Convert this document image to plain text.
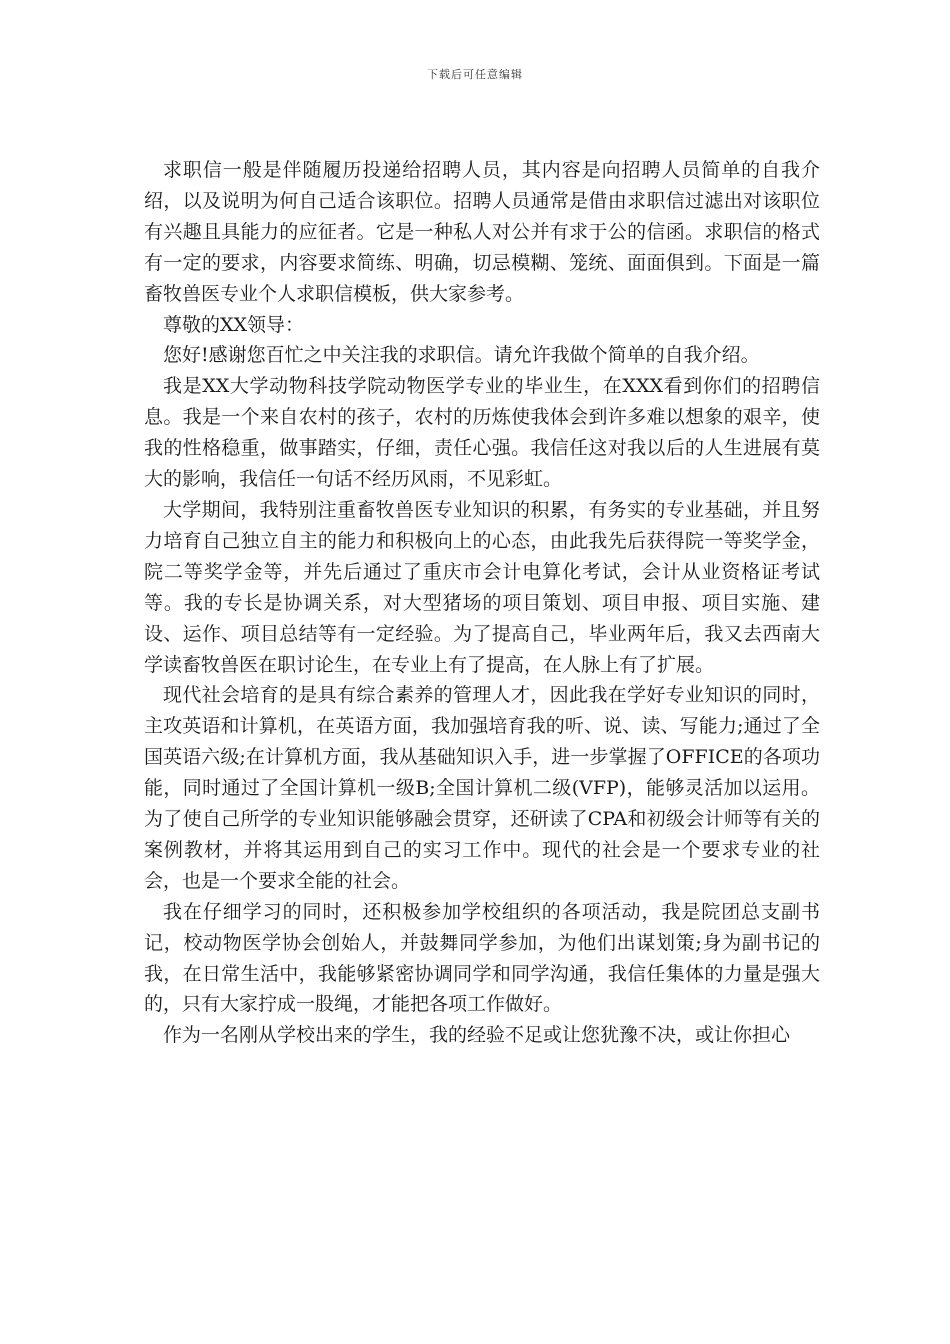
下载后可任意编辑

求职信一般是伴随履历投递给招聘人员，其内容是向招聘人员简单的自我介绍，以及说明为何自己适合该职位。招聘人员通常是借由求职信过滤出对该职位有兴趣且具能力的应征者。它是一种私人对公并有求于公的信函。求职信的格式有一定的要求，内容要求简练、明确，切忌模糊、笼统、面面俱到。下面是一篇畜牧兽医专业个人求职信模板，供大家参考。

尊敬的XX领导：

您好!感谢您百忙之中关注我的求职信。请允许我做个简单的自我介绍。

我是XX大学动物科技学院动物医学专业的毕业生，在XXX看到你们的招聘信息。我是一个来自农村的孩子，农村的历炼使我体会到许多难以想象的艰辛，使我的性格稳重，做事踏实，仔细，责任心强。我信任这对我以后的人生进展有莫大的影响，我信任一句话不经历风雨，不见彩虹。

大学期间，我特别注重畜牧兽医专业知识的积累，有务实的专业基础，并且努力培育自己独立自主的能力和积极向上的心态，由此我先后获得院一等奖学金，院二等奖学金等，并先后通过了重庆市会计电算化考试，会计从业资格证考试等。我的专长是协调关系，对大型猪场的项目策划、项目申报、项目实施、建设、运作、项目总结等有一定经验。为了提高自己，毕业两年后，我又去西南大学读畜牧兽医在职讨论生，在专业上有了提高，在人脉上有了扩展。

现代社会培育的是具有综合素养的管理人才，因此我在学好专业知识的同时，主攻英语和计算机，在英语方面，我加强培育我的听、说、读、写能力;通过了全国英语六级;在计算机方面，我从基础知识入手，进一步掌握了OFFICE的各项功能，同时通过了全国计算机一级B;全国计算机二级(VFP)，能够灵活加以运用。为了使自己所学的专业知识能够融会贯穿，还研读了CPA和初级会计师等有关的案例教材，并将其运用到自己的实习工作中。现代的社会是一个要求专业的社会，也是一个要求全能的社会。

我在仔细学习的同时，还积极参加学校组织的各项活动，我是院团总支副书记，校动物医学协会创始人，并鼓舞同学参加，为他们出谋划策;身为副书记的我，在日常生活中，我能够紧密协调同学和同学沟通，我信任集体的力量是强大的，只有大家拧成一股绳，才能把各项工作做好。

作为一名刚从学校出来的学生，我的经验不足或让您犹豫不决，或让你担心
